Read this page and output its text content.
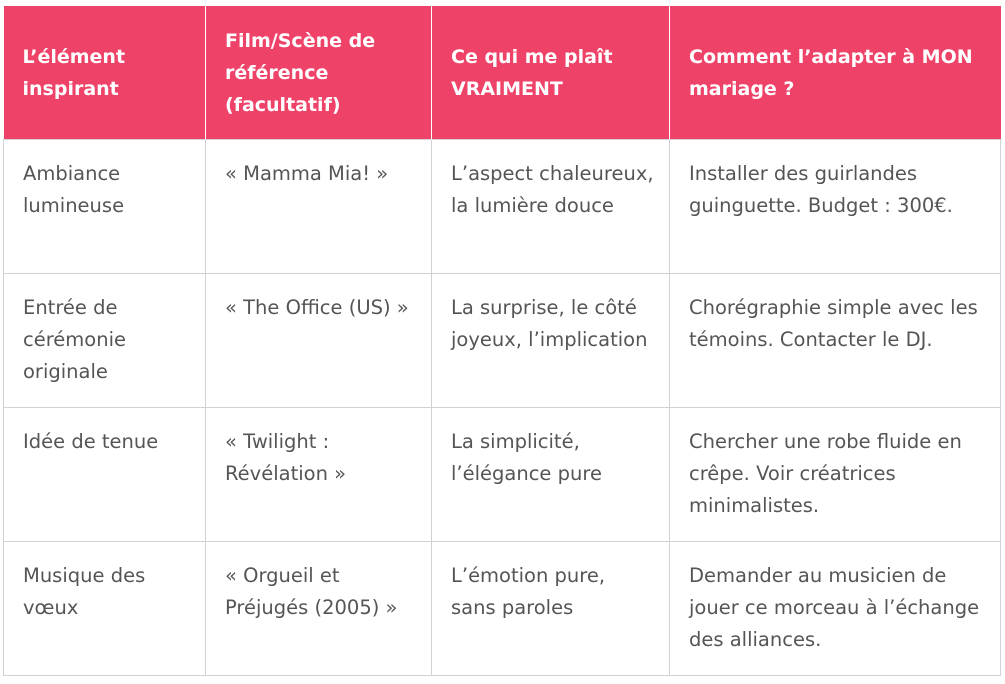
L’élément inspirant	Film/Scène de référence (facultatif)	Ce qui me plaît VRAIMENT	Comment l’adapter à MON mariage ?
Ambiance lumineuse	« Mamma Mia! »	L’aspect chaleureux, la lumière douce	Installer des guirlandes guinguette. Budget : 300€.
Entrée de cérémonie originale	« The Office (US) »	La surprise, le côté joyeux, l’implication	Chorégraphie simple avec les témoins. Contacter le DJ.
Idée de tenue	« Twilight : Révélation »	La simplicité, l’élégance pure	Chercher une robe fluide en crêpe. Voir créatrices minimalistes.
Musique des vœux	« Orgueil et Préjugés (2005) »	L’émotion pure, sans paroles	Demander au musicien de jouer ce morceau à l’échange des alliances.
